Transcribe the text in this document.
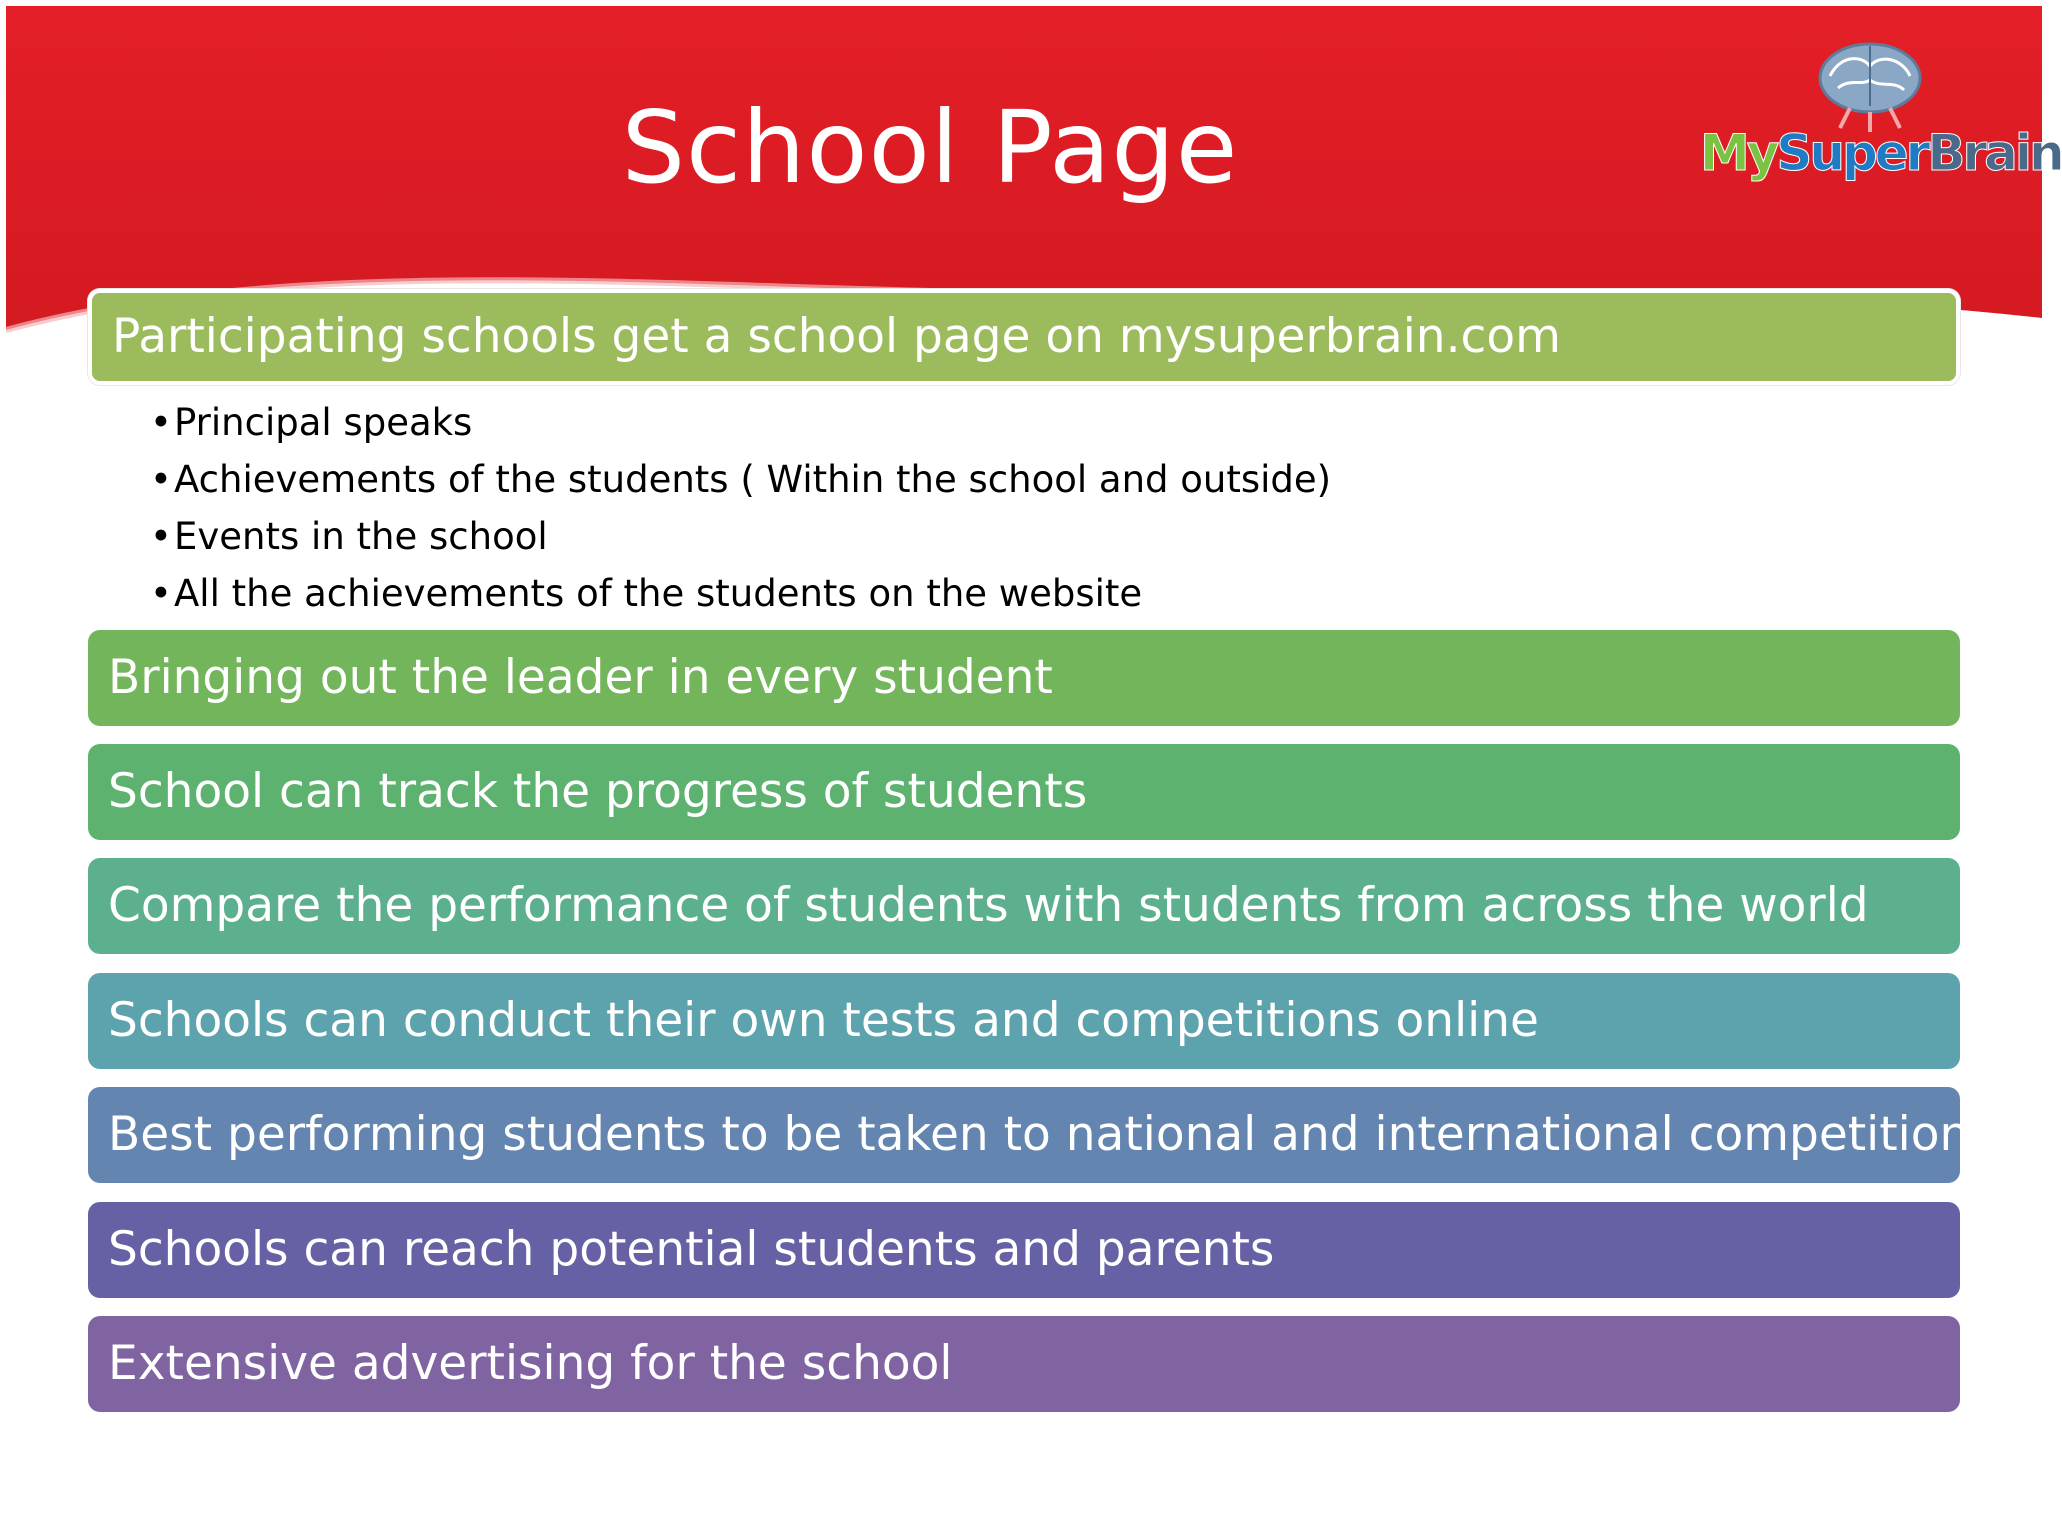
School Page	MySuperBrain
Participating schools get a school page on mysuperbrain.com
•Principal speaks
•Achievements of the students ( Within the school and outside)
•Events in the school
•All the achievements of the students on the website
Bringing out the leader in every student
School can track the progress of students
Compare the performance of students with students from across the world
Schools can conduct their own tests and competitions online
Best performing students to be taken to national and international competitions
Schools can reach potential students and parents
Extensive advertising for the school
